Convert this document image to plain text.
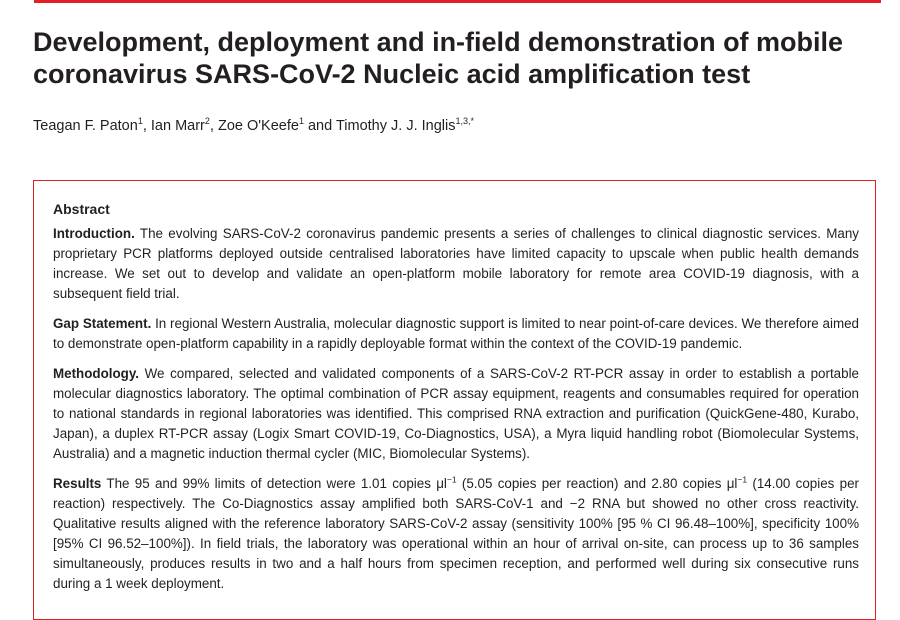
Development, deployment and in-field demonstration of mobile coronavirus SARS-CoV-2 Nucleic acid amplification test

Teagan F. Paton$^1$, Ian Marr$^2$, Zoe O'Keefe$^1$ and Timothy J. J. Inglis$^{1,3,*}$

Abstract

Introduction. The evolving SARS-CoV-2 coronavirus pandemic presents a series of challenges to clinical diagnostic services. Many proprietary PCR platforms deployed outside centralised laboratories have limited capacity to upscale when public health demands increase. We set out to develop and validate an open-platform mobile laboratory for remote area COVID-19 diagnosis, with a subsequent field trial.

Gap Statement. In regional Western Australia, molecular diagnostic support is limited to near point-of-care devices. We therefore aimed to demonstrate open-platform capability in a rapidly deployable format within the context of the COVID-19 pandemic.

Methodology. We compared, selected and validated components of a SARS-CoV-2 RT-PCR assay in order to establish a portable molecular diagnostics laboratory. The optimal combination of PCR assay equipment, reagents and consumables required for operation to national standards in regional laboratories was identified. This comprised RNA extraction and purification (QuickGene-480, Kurabo, Japan), a duplex RT-PCR assay (Logix Smart COVID-19, Co-Diagnostics, USA), a Myra liquid handling robot (Biomolecular Systems, Australia) and a magnetic induction thermal cycler (MIC, Biomolecular Systems).

Results The 95 and 99% limits of detection were 1.01 copies $\mu l^{-1}$ (5.05 copies per reaction) and 2.80 copies $\mu l^{-1}$ (14.00 copies per reaction) respectively. The Co-Diagnostics assay amplified both SARS-CoV-1 and −2 RNA but showed no other cross reactivity. Qualitative results aligned with the reference laboratory SARS-CoV-2 assay (sensitivity 100% [95 % CI 96.48–100%], specificity 100% [95% CI 96.52–100%]). In field trials, the laboratory was operational within an hour of arrival on-site, can process up to 36 samples simultaneously, produces results in two and a half hours from specimen reception, and performed well during six consecutive runs during a 1 week deployment.
